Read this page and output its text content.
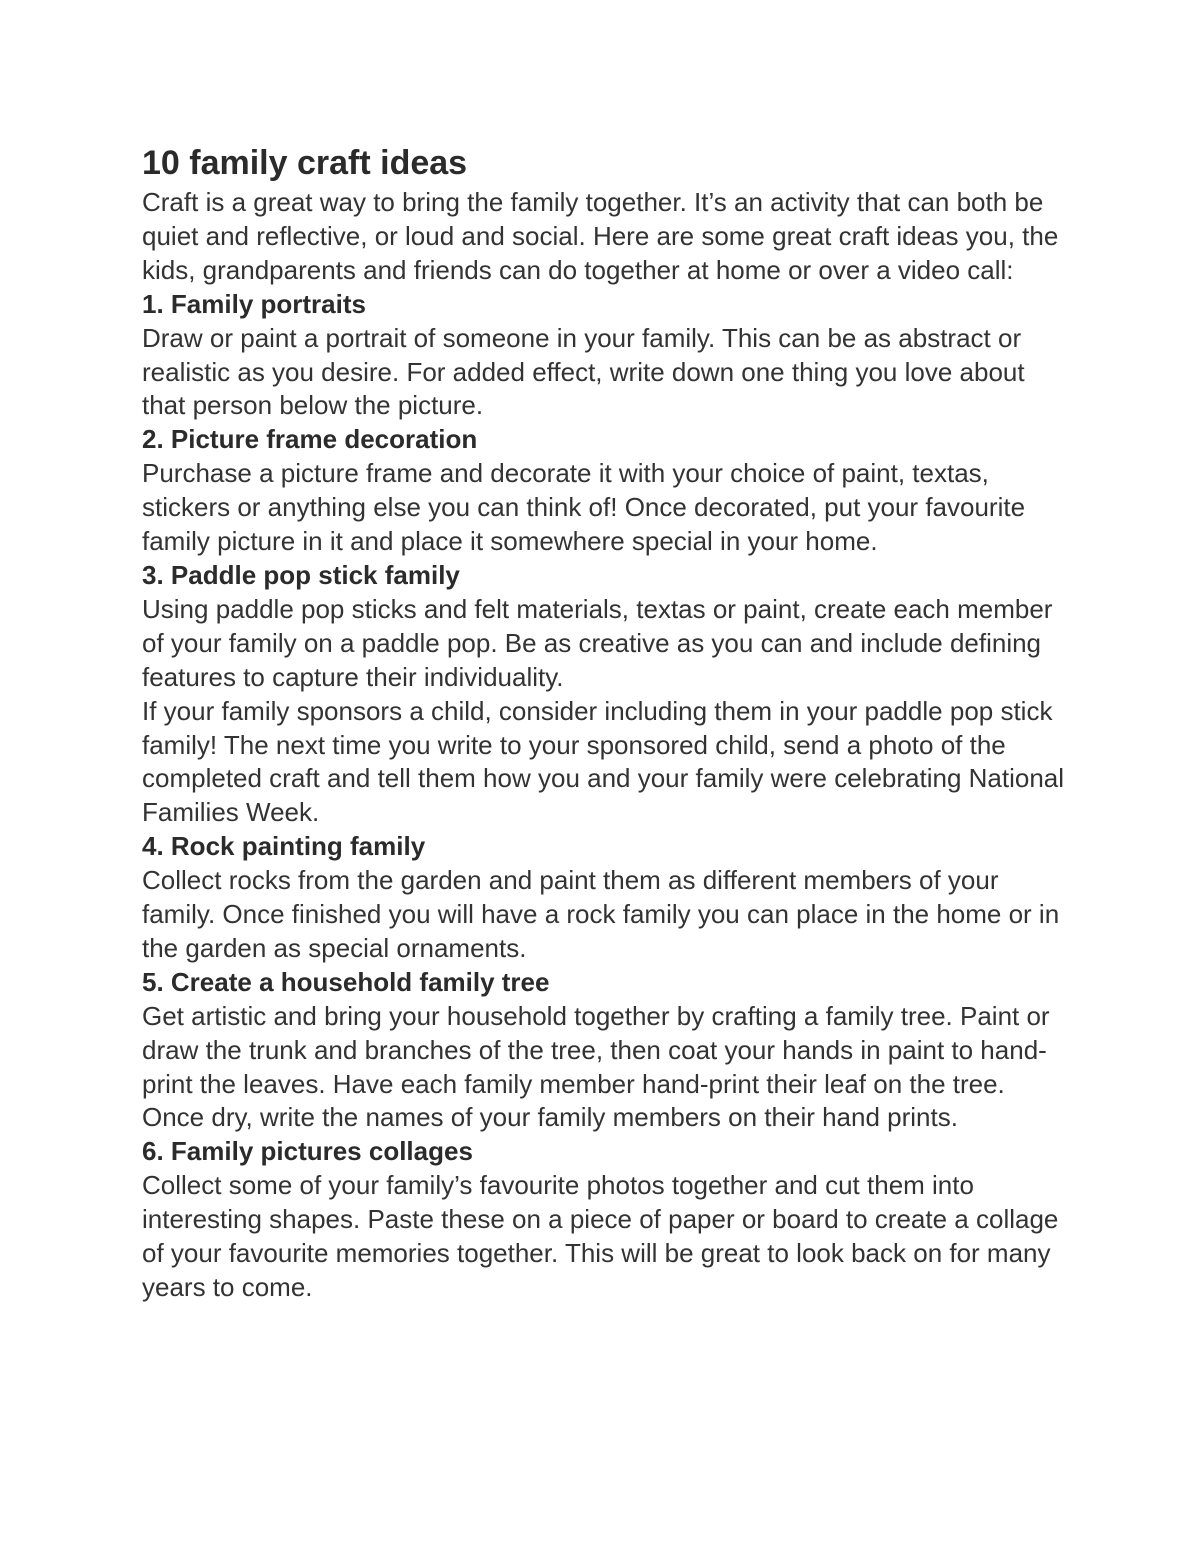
10 family craft ideas

Craft is a great way to bring the family together. It’s an activity that can both be quiet and reflective, or loud and social. Here are some great craft ideas you, the kids, grandparents and friends can do together at home or over a video call:

1. Family portraits

Draw or paint a portrait of someone in your family. This can be as abstract or realistic as you desire. For added effect, write down one thing you love about that person below the picture.

2. Picture frame decoration

Purchase a picture frame and decorate it with your choice of paint, textas, stickers or anything else you can think of! Once decorated, put your favourite family picture in it and place it somewhere special in your home.

3. Paddle pop stick family

Using paddle pop sticks and felt materials, textas or paint, create each member of your family on a paddle pop. Be as creative as you can and include defining features to capture their individuality.

If your family sponsors a child, consider including them in your paddle pop stick family! The next time you write to your sponsored child, send a photo of the completed craft and tell them how you and your family were celebrating National Families Week.

4. Rock painting family

Collect rocks from the garden and paint them as different members of your family. Once finished you will have a rock family you can place in the home or in the garden as special ornaments.

5. Create a household family tree

Get artistic and bring your household together by crafting a family tree. Paint or draw the trunk and branches of the tree, then coat your hands in paint to hand-print the leaves. Have each family member hand-print their leaf on the tree. Once dry, write the names of your family members on their hand prints.

6. Family pictures collages

Collect some of your family’s favourite photos together and cut them into interesting shapes. Paste these on a piece of paper or board to create a collage of your favourite memories together. This will be great to look back on for many years to come.
